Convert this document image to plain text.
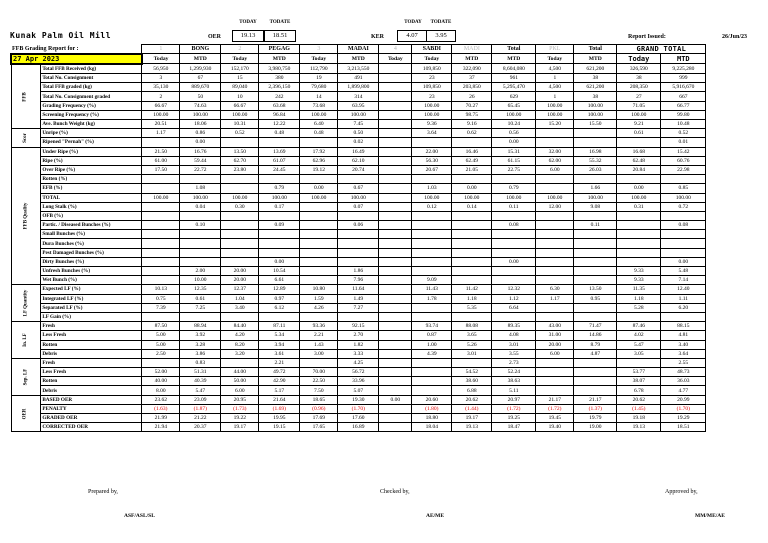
Kunak Palm Oil Mill
TODAY	TODATE
OER	19.13	18.51
TODAY	TODATE
KER	4.07	3.95	Report Issued:	26/Jun/23
FFB Grading Report for :		1	BONG	2	PEGAG	3	MADAI	4	SABDI	MADI	Total	PKL	Total	GRAND TOTAL	
27 Apr 2023		Today	MTD	Today	MTD	Today	MTD	Today	Today	MTD	MTD	Today	MTD	Today	MTD
FFB	Total FFB Received (kg)	56,950	1,299,930	152,170	3,980,750	112,790	3,213,550		109,850	322,090	8,604,080	4,500	621,200	326,590	9,225,280
	Total No. Consignment	3	67	15	380	19	491		23	37	961	1	38	38	999
	Total FFB graded (kg)	35,130	889,670	89,040	2,396,150	79,680	1,899,800		109,850	203,850	5,295,470	4,500	621,200	208,350	5,916,670
	Total No. Consignment graded	2	50	10	242	14	314		23	26	629	1	38	27	667
	Grading Frequency (%)	66.67	74.63	66.67	63.68	73.68	63.95		100.00	70.27	65.45	100.00	100.00	71.05	66.77
	Screening Frequency (%)	100.00	100.00	100.00	96.84	100.00	100.00		100.00	98.75	100.00	100.00	100.00	100.00	99.80
	Ave. Bunch Weight (kg)	20.51	18.06	10.31	12.22	6.40	7.45		9.36	9.16	10.24	15.20	15.50	9.21	10.48
Scor	Unripe (%)	1.17	0.86	0.52	0.48	0.48	0.50		3.64	0.62	0.56			0.61	0.52
	Ripened "Pernah" (%)		0.00				0.02				0.00				0.01
FFB Quality	Under Ripe (%)	21.50	16.76	13.50	13.69	17.92	16.49		22.00	16.46	15.31	32.00	16.98	16.68	15.42
	Ripe (%)	61.00	59.44	62.70	61.07	62.96	62.10		56.30	62.49	61.15	62.00	55.32	62.48	60.76
	Over Ripe (%)	17.50	22.72	23.80	24.45	19.12	20.74		20.67	21.05	22.75	6.00	26.03	20.84	22.98
	Rotten (%)														
	EFB (%)		1.08		0.79	0.00	0.67		1.03	0.00	0.79		1.66	0.00	0.85
	TOTAL	100.00	100.00	100.00	100.00	100.00	100.00		100.00	100.00	100.00	100.00	100.00	100.00	100.00
	Long Stalk (%)		0.04	0.30	0.17		0.07		0.12	0.14	0.11	12.00	9.08	0.31	0.72
	OFB (%)														
	Partic. / Diseased Bunches (%)		0.10		0.09		0.06				0.08		0.11		0.08
	Small Bunches (%)														
	Dura Bunches (%)														
	Pest Damaged Bunches (%)														
	Dirty Bunches (%)				0.00						0.00				0.00
	Unfresh Bunches (%)		2.00	20.00	10.54		1.86							9.33	5.48
	Wet Bunch (%)		10.00	20.00	6.61		7.96		9.09					9.33	7.14
LF Quantity	Expected LF (%)	10.13	12.35	12.37	12.89	10.80	11.64		11.43	11.42	12.32	6.30	13.50	11.35	12.40
	Integrated LF (%)	0.75	0.61	1.04	0.97	1.59	1.49		1.78	1.18	1.12	1.17	0.95	1.18	1.11
	Separated LF (%)	7.39	7.25	3.40	6.12	4.26	7.27			5.35	6.64			5.28	6.20
	LF Gain (%)														
In. LF	Fresh	87.50	88.94	84.40	87.11	93.36	92.15		93.74	88.08	89.35	43.00	71.47	87.46	88.15
	Less Fresh	5.00	3.92	4.20	5.34	2.21	2.70		0.87	3.65	4.08	31.00	14.86	4.02	4.81
	Rotten	5.00	3.28	8.20	3.94	1.43	1.82		1.00	5.26	3.01	20.00	8.79	5.47	3.40
	Debris	2.50	3.86	3.20	3.61	3.00	3.33		4.39	3.01	3.55	6.00	4.87	3.05	3.64
Sep. LF	Fresh		0.83		2.21		4.25				2.73				2.55
	Less Fresh	52.00	51.31	44.00	49.72	70.00	56.72			54.52	52.24			53.77	48.73
	Rotten	40.00	40.39	50.00	42.90	22.50	33.96			38.60	38.63			38.07	36.03
	Debris	8.00	5.47	6.00	5.17	7.50	5.07			6.88	5.11			6.78	4.77
OER	BASED OER	23.62	23.09	20.95	21.64	18.65	19.30	0.00	20.60	20.62	20.97	21.17	21.17	20.62	20.99
	PENALTY	(1.63)	(1.87)	(1.73)	(1.69)	(0.96)	(1.70)		(1.80)	(1.44)	(1.72)	(1.72)	(1.37)	(1.45)	(1.70)
	GRADED OER	21.99	21.22	19.22	19.95	17.69	17.60		18.80	19.17	19.25	19.45	19.79	19.18	19.29
	CORRECTED OER	21.94	20.37	19.17	19.15	17.65	16.89		18.04	19.13	18.47	19.40	19.00	19.13	18.51
Prepared by,	Checked by,	Approved by,
ASF/ASL/SL	AE/ME	MM/ME/AE
